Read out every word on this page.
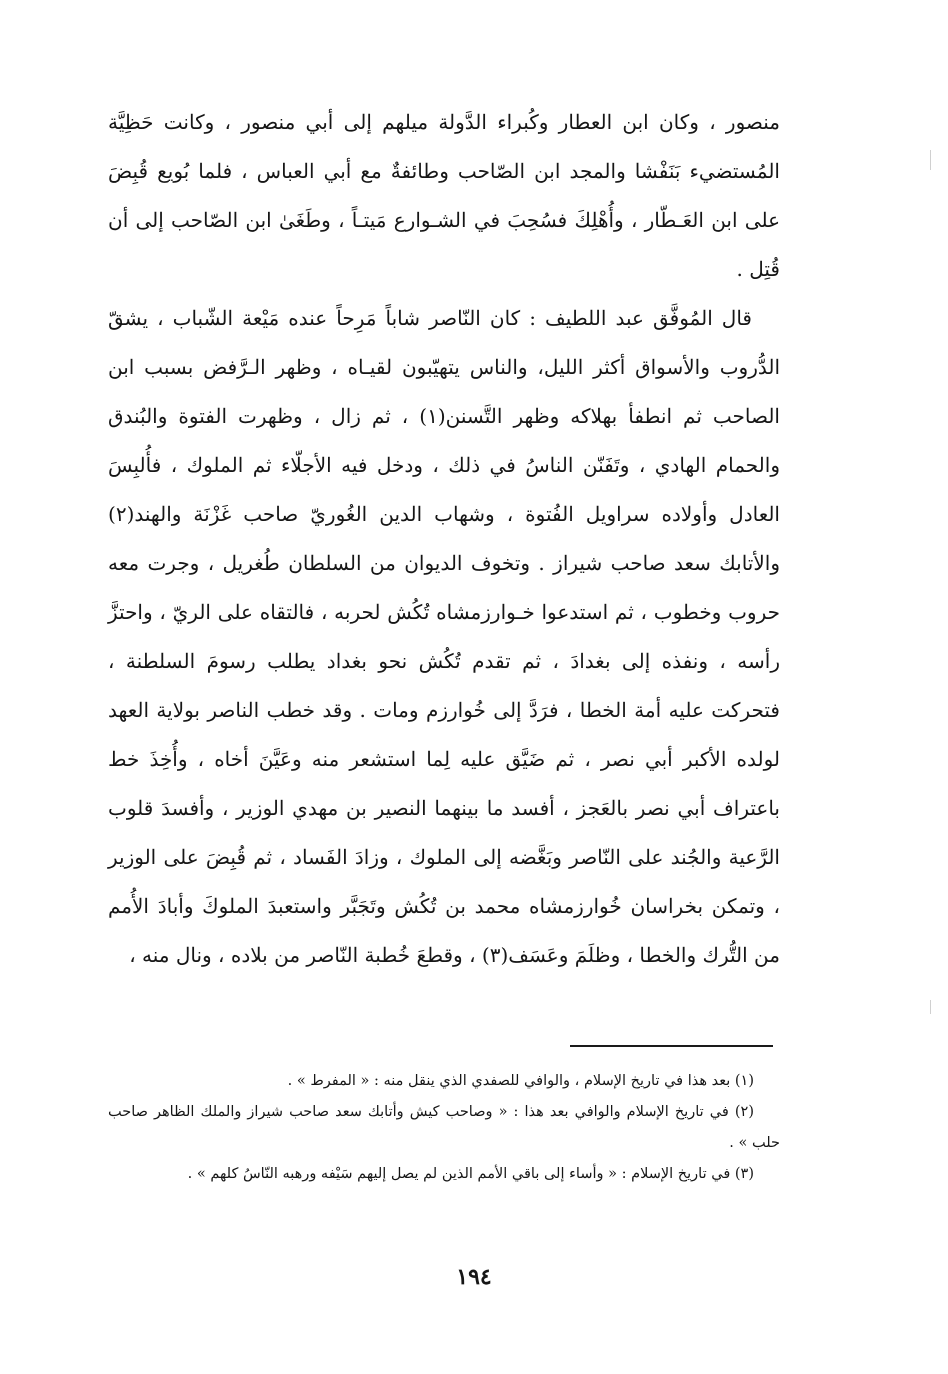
منصور ، وكان ابن العطار وكُبراء الدَّولة ميلهم إلى أبي منصور ، وكانت حَظِيَّة المُستضيء بَنَفْشا والمجد ابن الصّاحب وطائفةٌ مع أبي العباس ، فلما بُويع قُبِضَ على ابن العَـطّار ، وأُهْلِكَ فسُحِبَ في الشـوارع مَيتـاً ، وطَغَىٰ ابن الصّاحب إلى أن قُتِل .

قال المُوفَّق عبد اللطيف : كان النّاصر شاباً مَرِحاً عنده مَيْعة الشّباب ، يشقّ الدُّروب والأسواق أكثر الليل، والناس يتهيّبون لقيـاه ، وظهر الـرَّفض بسبب ابن الصاحب ثم انطفأ بهلاكه وظهر التَّسنن(١) ، ثم زال ، وظهرت الفتوة والبُندق والحمام الهادي ، وتَفَنّن الناسُ في ذلك ، ودخل فيه الأجلّاء ثم الملوك ، فأُلبِسَ العادل وأولاده سراويل الفُتوة ، وشهاب الدين الغُوريّ صاحب غَزْنَة والهند(٢) والأتابك سعد صاحب شيراز . وتخوف الديوان من السلطان طُغريل ، وجرت معه حروب وخطوب ، ثم استدعوا خـوارزمشاه تُكُش لحربه ، فالتقاه على الريّ ، واحتزَّ رأسه ، ونفذه إلى بغدادَ ، ثم تقدم تُكُش نحو بغداد يطلب رسومَ السلطنة ، فتحركت عليه أمة الخطا ، فرَدَّ إلى خُوارزم ومات . وقد خطب الناصر بولاية العهد لولده الأكبر أبي نصر ، ثم ضَيَّق عليه لِما استشعر منه وعَيَّنَ أخاه ، وأُخِذَ خط باعتراف أبي نصر بالعَجز ، أفسد ما بينهما النصير بن مهدي الوزير ، وأفسدَ قلوب الرَّعية والجُند على النّاصر وبَغَّضه إلى الملوك ، وزادَ الفَساد ، ثم قُبِضَ على الوزير ، وتمكن بخراسان خُوارزمشاه محمد بن تُكُش وتَجَبَّر واستعبدَ الملوكَ وأبادَ الأُمم من التُّرك والخطا ، وظلَمَ وعَسَف(٣) ، وقطعَ خُطبة النّاصر من بلاده ، ونال منه ،

(١) بعد هذا في تاريخ الإسلام ، والوافي للصفدي الذي ينقل منه : « المفرط » .

(٢) في تاريخ الإسلام والوافي بعد هذا : « وصاحب كيش وأتابك سعد صاحب شيراز والملك الظاهر صاحب حلب » .

(٣) في تاريخ الإسلام : « وأساء إلى باقي الأمم الذين لم يصل إليهم سَيْفه ورهبه النّاسُ كلهم » .

١٩٤
